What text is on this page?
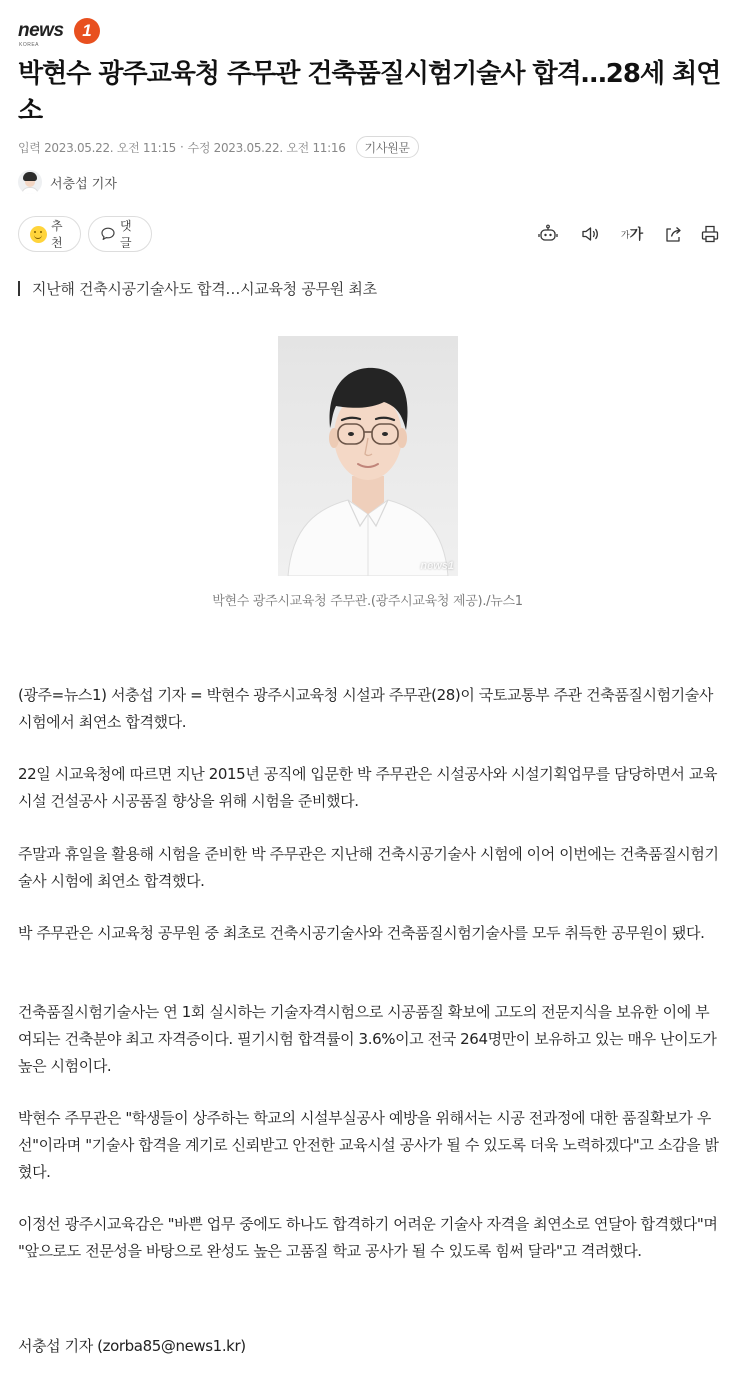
news	1
KOREA
박현수 광주교육청 주무관 건축품질시험기술사 합격…28세 최연소
입력 2023.05.22. 오전 11:15 · 수정 2023.05.22. 오전 11:16	기사원문
서충섭 기자
추천
댓글
가 가
지난해 건축시공기술사도 합격…시교육청 공무원 최초
news1
박현수 광주시교육청 주무관.(광주시교육청 제공)./뉴스1

(광주=뉴스1) 서충섭 기자 = 박현수 광주시교육청 시설과 주무관(28)이 국토교통부 주관 건축품질시험기술사 시험에서 최연소 합격했다.

22일 시교육청에 따르면 지난 2015년 공직에 입문한 박 주무관은 시설공사와 시설기획업무를 담당하면서 교육시설 건설공사 시공품질 향상을 위해 시험을 준비했다.

주말과 휴일을 활용해 시험을 준비한 박 주무관은 지난해 건축시공기술사 시험에 이어 이번에는 건축품질시험기술사 시험에 최연소 합격했다.

박 주무관은 시교육청 공무원 중 최초로 건축시공기술사와 건축품질시험기술사를 모두 취득한 공무원이 됐다.

건축품질시험기술사는 연 1회 실시하는 기술자격시험으로 시공품질 확보에 고도의 전문지식을 보유한 이에 부여되는 건축분야 최고 자격증이다. 필기시험 합격률이 3.6%이고 전국 264명만이 보유하고 있는 매우 난이도가 높은 시험이다.

박현수 주무관은 "학생들이 상주하는 학교의 시설부실공사 예방을 위해서는 시공 전과정에 대한 품질확보가 우선"이라며 "기술사 합격을 계기로 신뢰받고 안전한 교육시설 공사가 될 수 있도록 더욱 노력하겠다"고 소감을 밝혔다.

이정선 광주시교육감은 "바쁜 업무 중에도 하나도 합격하기 어려운 기술사 자격을 최연소로 연달아 합격했다"며 "앞으로도 전문성을 바탕으로 완성도 높은 고품질 학교 공사가 될 수 있도록 힘써 달라"고 격려했다.

서충섭 기자 (zorba85@news1.kr)
